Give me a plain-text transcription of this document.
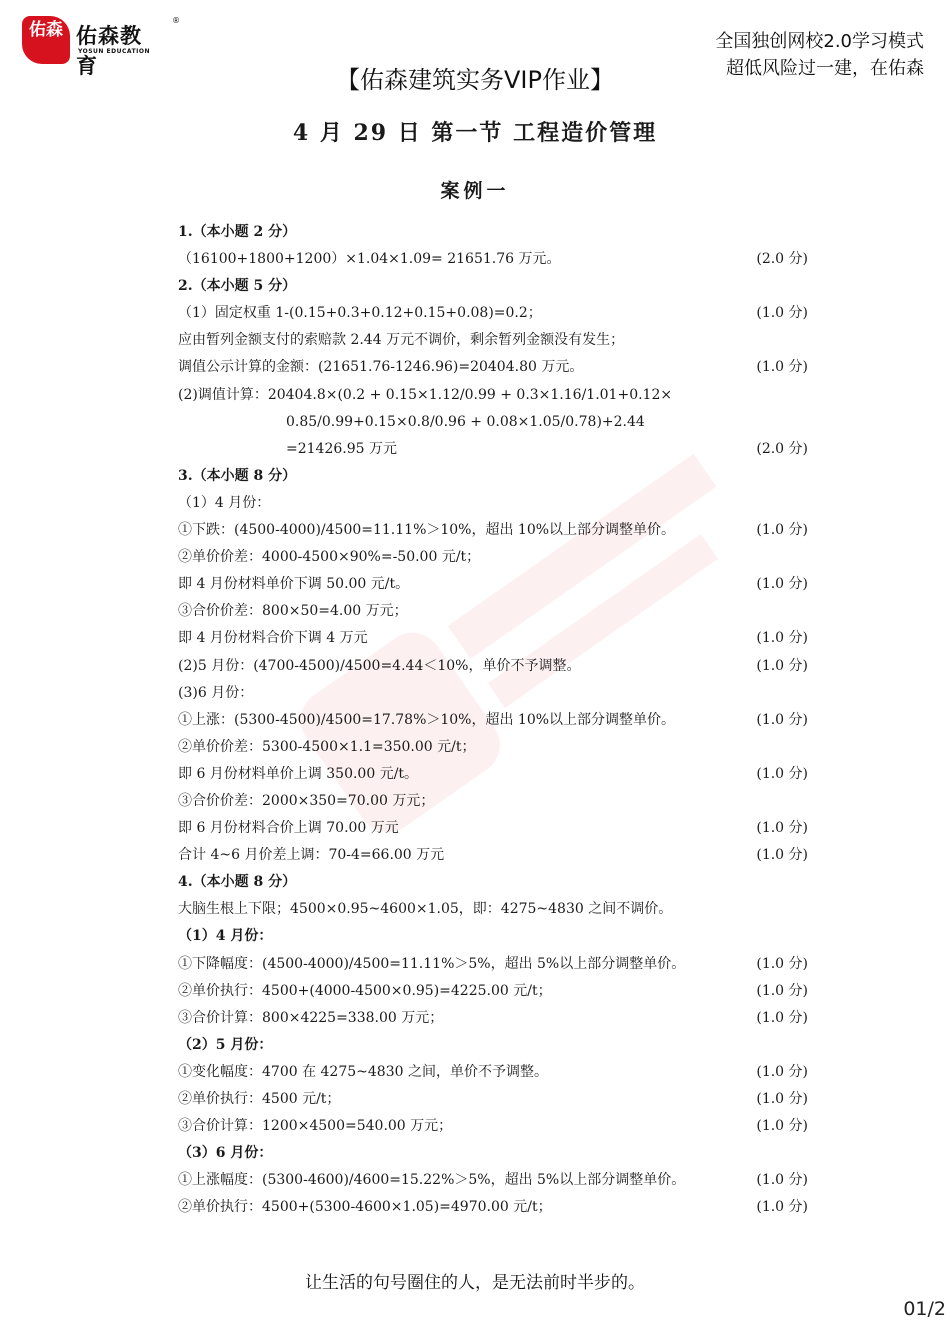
佑森 佑森教育
®
YOSUN EDUCATION	全国独创网校2.0学习模式
超低风险过一建，在佑森
【佑森建筑实务VIP作业】
4 月 29 日 第一节 工程造价管理
案例一
1.（本小题 2 分）
（16100+1800+1200）×1.04×1.09= 21651.76 万元。	(2.0 分)
2.（本小题 5 分）
（1）固定权重 1-(0.15+0.3+0.12+0.15+0.08)=0.2；	(1.0 分)
应由暂列金额支付的索赔款 2.44 万元不调价，剩余暂列金额没有发生；
调值公示计算的金额：(21651.76-1246.96)=20404.80 万元。	(1.0 分)
(2)调值计算：20404.8×(0.2 + 0.15×1.12/0.99 + 0.3×1.16/1.01+0.12×
0.85/0.99+0.15×0.8/0.96 + 0.08×1.05/0.78)+2.44
=21426.95 万元	(2.0 分)
3.（本小题 8 分）
（1）4 月份：
①下跌：(4500-4000)/4500=11.11%＞10%，超出 10%以上部分调整单价。	(1.0 分)
②单价价差：4000-4500×90%=-50.00 元/t；
即 4 月份材料单价下调 50.00 元/t。	(1.0 分)
③合价价差：800×50=4.00 万元；
即 4 月份材料合价下调 4 万元	(1.0 分)
(2)5 月份：(4700-4500)/4500=4.44＜10%，单价不予调整。	(1.0 分)
(3)6 月份：
①上涨：(5300-4500)/4500=17.78%＞10%，超出 10%以上部分调整单价。	(1.0 分)
②单价价差：5300-4500×1.1=350.00 元/t；
即 6 月份材料单价上调 350.00 元/t。	(1.0 分)
③合价价差：2000×350=70.00 万元；
即 6 月份材料合价上调 70.00 万元	(1.0 分)
合计 4~6 月价差上调：70-4=66.00 万元	(1.0 分)
4.（本小题 8 分）
大脑生根上下限；4500×0.95~4600×1.05，即：4275~4830 之间不调价。
（1）4 月份：
①下降幅度：(4500-4000)/4500=11.11%＞5%，超出 5%以上部分调整单价。	(1.0 分)
②单价执行：4500+(4000-4500×0.95)=4225.00 元/t；	(1.0 分)
③合价计算：800×4225=338.00 万元；	(1.0 分)
（2）5 月份：
①变化幅度：4700 在 4275~4830 之间，单价不予调整。	(1.0 分)
②单价执行：4500 元/t；	(1.0 分)
③合价计算：1200×4500=540.00 万元；	(1.0 分)
（3）6 月份：
①上涨幅度：(5300-4600)/4600=15.22%＞5%，超出 5%以上部分调整单价。	(1.0 分)
②单价执行：4500+(5300-4600×1.05)=4970.00 元/t；	(1.0 分)
让生活的句号圈住的人，是无法前时半步的。
01/2
